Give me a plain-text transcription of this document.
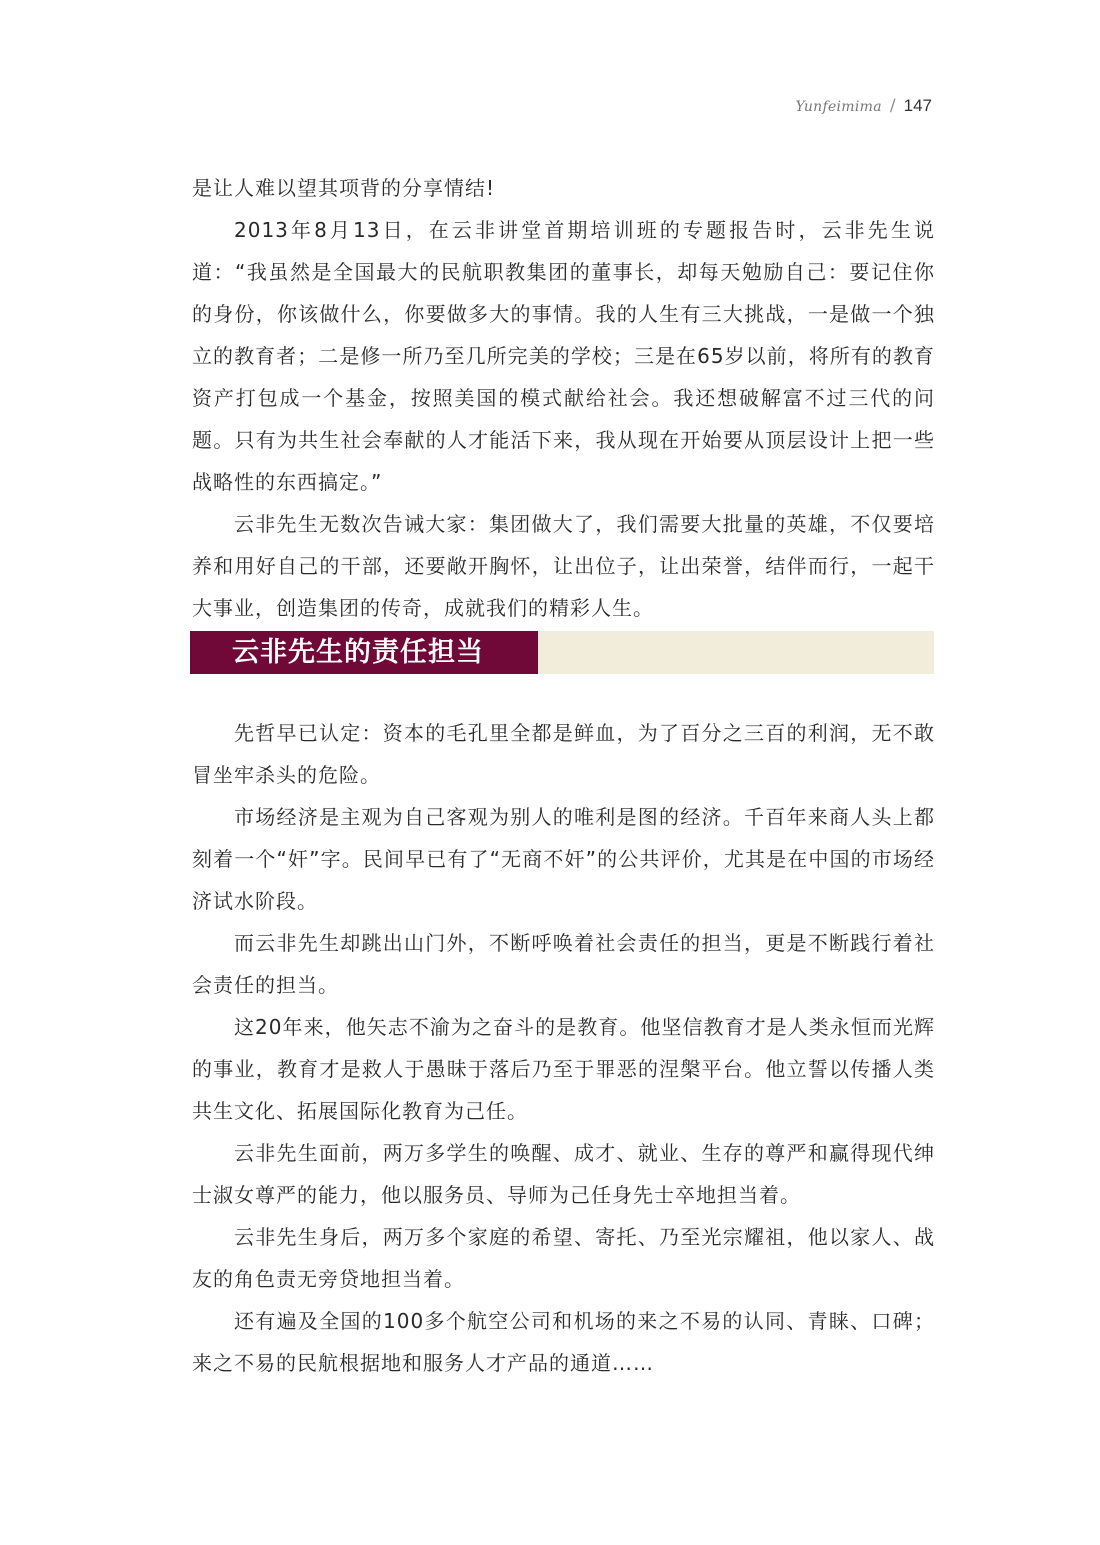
Yunfeimima / 147

是让人难以望其项背的分享情结!

2013年8月13日，在云非讲堂首期培训班的专题报告时，云非先生说道：“我虽然是全国最大的民航职教集团的董事长，却每天勉励自己：要记住你的身份，你该做什么，你要做多大的事情。我的人生有三大挑战，一是做一个独立的教育者；二是修一所乃至几所完美的学校；三是在65岁以前，将所有的教育资产打包成一个基金，按照美国的模式献给社会。我还想破解富不过三代的问题。只有为共生社会奉献的人才能活下来，我从现在开始要从顶层设计上把一些战略性的东西搞定。”

云非先生无数次告诫大家：集团做大了，我们需要大批量的英雄，不仅要培养和用好自己的干部，还要敞开胸怀，让出位子，让出荣誉，结伴而行，一起干大事业，创造集团的传奇，成就我们的精彩人生。

云非先生的责任担当

先哲早已认定：资本的毛孔里全都是鲜血，为了百分之三百的利润，无不敢冒坐牢杀头的危险。

市场经济是主观为自己客观为别人的唯利是图的经济。千百年来商人头上都刻着一个“奸”字。民间早已有了“无商不奸”的公共评价，尤其是在中国的市场经济试水阶段。

而云非先生却跳出山门外，不断呼唤着社会责任的担当，更是不断践行着社会责任的担当。

这20年来，他矢志不渝为之奋斗的是教育。他坚信教育才是人类永恒而光辉的事业，教育才是救人于愚昧于落后乃至于罪恶的涅槃平台。他立誓以传播人类共生文化、拓展国际化教育为己任。

云非先生面前，两万多学生的唤醒、成才、就业、生存的尊严和赢得现代绅士淑女尊严的能力，他以服务员、导师为己任身先士卒地担当着。

云非先生身后，两万多个家庭的希望、寄托、乃至光宗耀祖，他以家人、战友的角色责无旁贷地担当着。

还有遍及全国的100多个航空公司和机场的来之不易的认同、青睐、口碑；来之不易的民航根据地和服务人才产品的通道……
